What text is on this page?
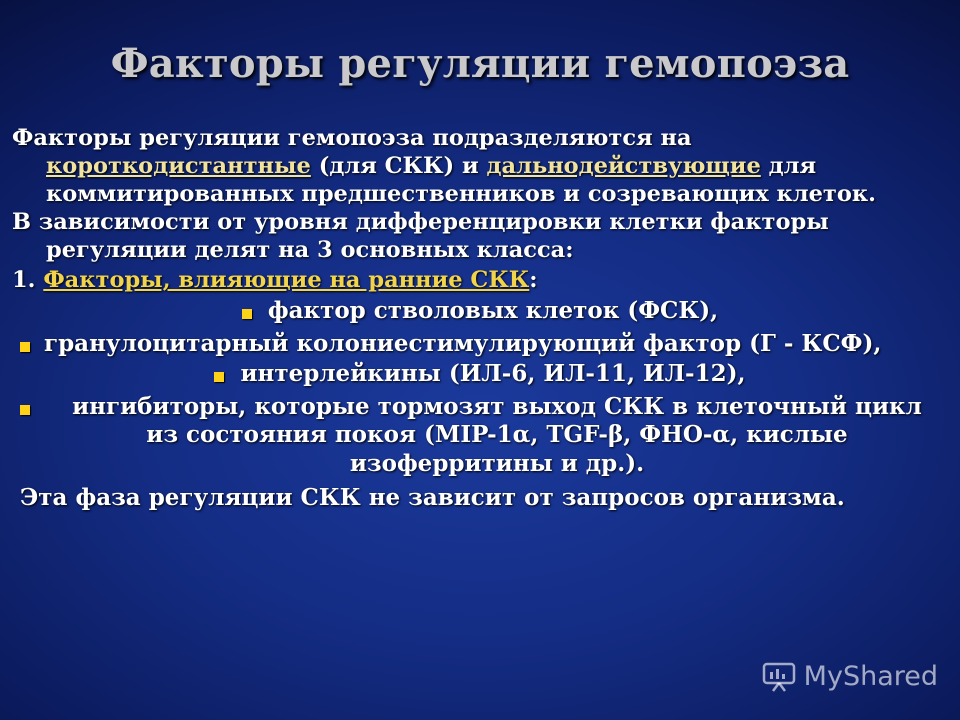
Факторы регуляции гемопоэза

Факторы регуляции гемопоэза подразделяются на короткодистантные (для СКК) и дальнодействующие для коммитированных предшественников и созревающих клеток.

В зависимости от уровня дифференцировки клетки факторы регуляции делят на 3 основных класса:

1. Факторы, влияющие на ранние СКК:

фактор стволовых клеток (ФСК),
гранулоцитарный колониестимулирующий фактор (Г - КСФ),
интерлейкины (ИЛ-6, ИЛ-11, ИЛ-12),
ингибиторы, которые тормозят выход СКК в клеточный цикл из состояния покоя (MIP-1α, TGF-β, ФНО-α, кислые изоферритины и др.).
Эта фаза регуляции СКК не зависит от запросов организма.
MyShared
